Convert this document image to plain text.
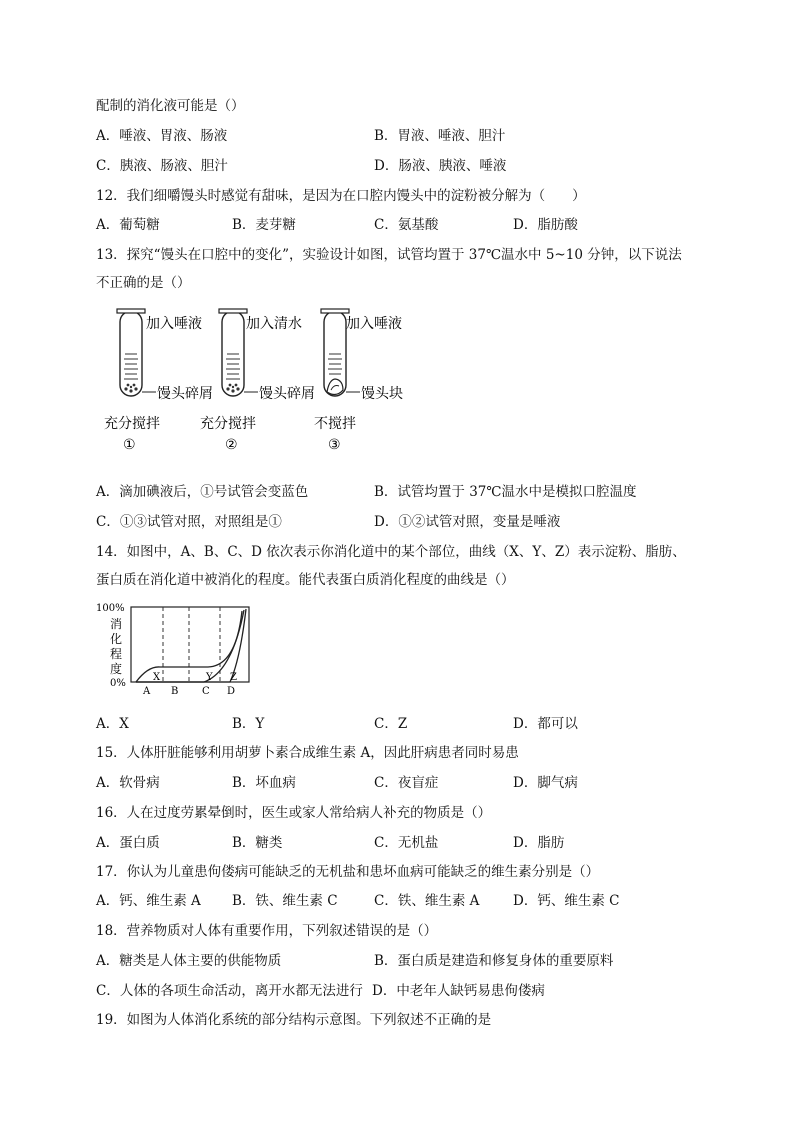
配制的消化液可能是（）
A．唾液、胃液、肠液	B．胃液、唾液、胆汁
C．胰液、肠液、胆汁	D．肠液、胰液、唾液
12．我们细嚼馒头时感觉有甜味，是因为在口腔内馒头中的淀粉被分解为（　　）
A．葡萄糖	B．麦芽糖	C．氨基酸	D．脂肪酸
13．探究“馒头在口腔中的变化”，实验设计如图，试管均置于 37℃温水中 5~10 分钟，以下说法
不正确的是（）
加入唾液
馒头碎屑
充分搅拌
①
加入清水
馒头碎屑
充分搅拌
②
加入唾液
馒头块
不搅拌
③
A．滴加碘液后，①号试管会变蓝色	B．试管均置于 37℃温水中是模拟口腔温度
C．①③试管对照，对照组是①	D．①②试管对照，变量是唾液
14．如图中，A、B、C、D 依次表示你消化道中的某个部位，曲线（X、Y、Z）表示淀粉、脂肪、
蛋白质在消化道中被消化的程度。能代表蛋白质消化程度的曲线是（）
100%
0%
消
化
程
度
X	Y Z
A B C D
A．X	B．Y	C．Z	D．都可以
15．人体肝脏能够利用胡萝卜素合成维生素 A，因此肝病患者同时易患
A．软骨病	B．坏血病	C．夜盲症	D．脚气病
16．人在过度劳累晕倒时，医生或家人常给病人补充的物质是（）
A．蛋白质	B．糖类	C．无机盐	D．脂肪
17．你认为儿童患佝偻病可能缺乏的无机盐和患坏血病可能缺乏的维生素分别是（）
A．钙、维生素 A B．铁、维生素 C	C．铁、维生素 A D．钙、维生素 C
18．营养物质对人体有重要作用，下列叙述错误的是（）
A．糖类是人体主要的供能物质	B．蛋白质是建造和修复身体的重要原料
C．人体的各项生命活动，离开水都无法进行 D．中老年人缺钙易患佝偻病
19．如图为人体消化系统的部分结构示意图。下列叙述不正确的是
